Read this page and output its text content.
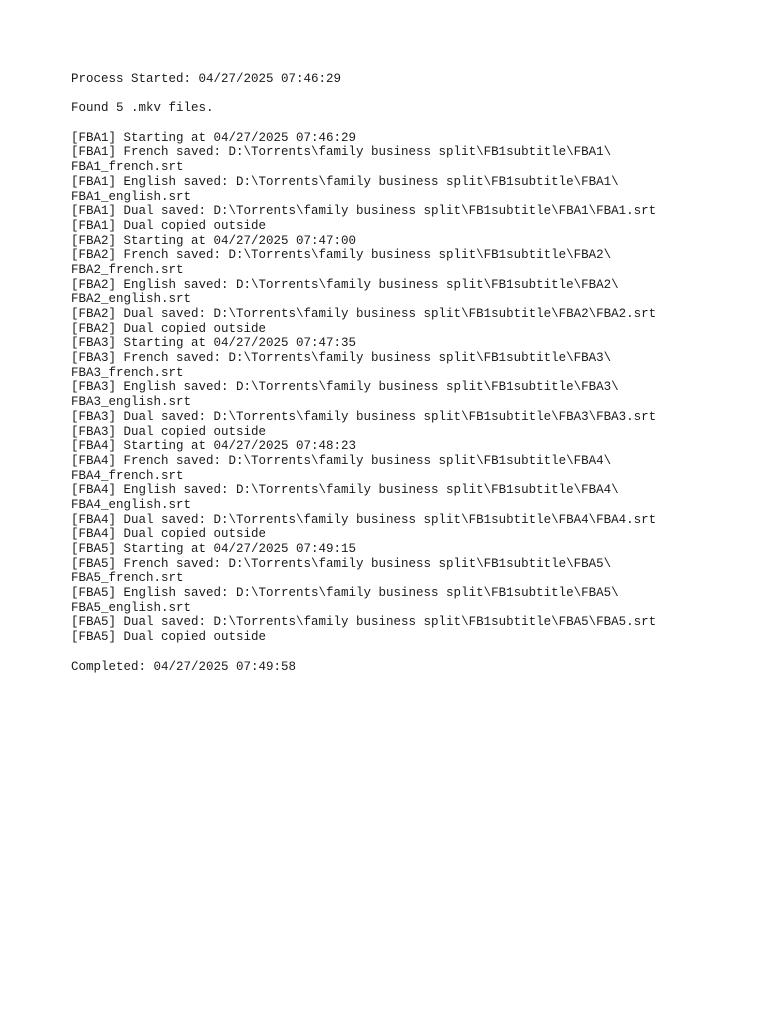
Process Started: 04/27/2025 07:46:29
Found 5 .mkv files.
[FBA1] Starting at 04/27/2025 07:46:29
[FBA1] French saved: D:\Torrents\family business split\FB1subtitle\FBA1\
FBA1_french.srt
[FBA1] English saved: D:\Torrents\family business split\FB1subtitle\FBA1\
FBA1_english.srt
[FBA1] Dual saved: D:\Torrents\family business split\FB1subtitle\FBA1\FBA1.srt
[FBA1] Dual copied outside
[FBA2] Starting at 04/27/2025 07:47:00
[FBA2] French saved: D:\Torrents\family business split\FB1subtitle\FBA2\
FBA2_french.srt
[FBA2] English saved: D:\Torrents\family business split\FB1subtitle\FBA2\
FBA2_english.srt
[FBA2] Dual saved: D:\Torrents\family business split\FB1subtitle\FBA2\FBA2.srt
[FBA2] Dual copied outside
[FBA3] Starting at 04/27/2025 07:47:35
[FBA3] French saved: D:\Torrents\family business split\FB1subtitle\FBA3\
FBA3_french.srt
[FBA3] English saved: D:\Torrents\family business split\FB1subtitle\FBA3\
FBA3_english.srt
[FBA3] Dual saved: D:\Torrents\family business split\FB1subtitle\FBA3\FBA3.srt
[FBA3] Dual copied outside
[FBA4] Starting at 04/27/2025 07:48:23
[FBA4] French saved: D:\Torrents\family business split\FB1subtitle\FBA4\
FBA4_french.srt
[FBA4] English saved: D:\Torrents\family business split\FB1subtitle\FBA4\
FBA4_english.srt
[FBA4] Dual saved: D:\Torrents\family business split\FB1subtitle\FBA4\FBA4.srt
[FBA4] Dual copied outside
[FBA5] Starting at 04/27/2025 07:49:15
[FBA5] French saved: D:\Torrents\family business split\FB1subtitle\FBA5\
FBA5_french.srt
[FBA5] English saved: D:\Torrents\family business split\FB1subtitle\FBA5\
FBA5_english.srt
[FBA5] Dual saved: D:\Torrents\family business split\FB1subtitle\FBA5\FBA5.srt
[FBA5] Dual copied outside
Completed: 04/27/2025 07:49:58
